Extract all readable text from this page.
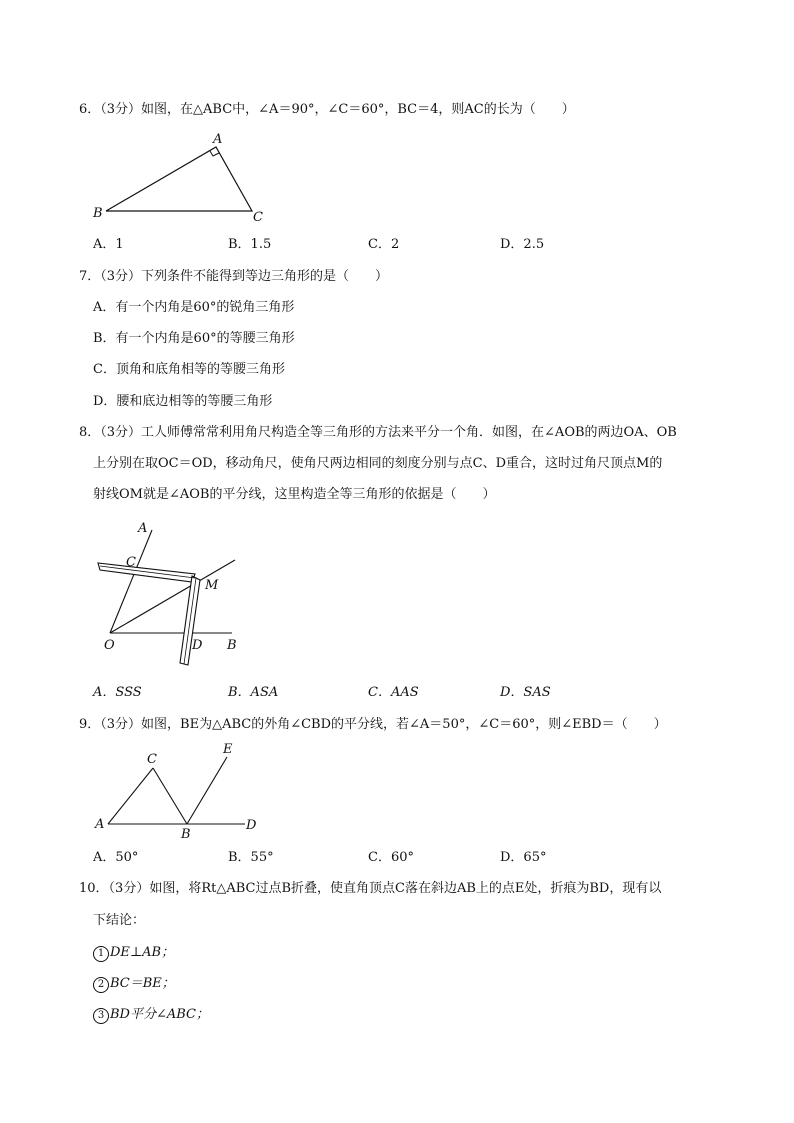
6．（3分）如图，在△ABC中，∠A＝90°，∠C＝60°，BC＝4，则AC的长为（　　）
A
B	C
A．1	B．1.5	C．2	D．2.5
7．（3分）下列条件不能得到等边三角形的是（　　）
A．有一个内角是60°的锐角三角形
B．有一个内角是60°的等腰三角形
C．顶角和底角相等的等腰三角形
D．腰和底边相等的等腰三角形
8．（3分）工人师傅常常利用角尺构造全等三角形的方法来平分一个角．如图，在∠AOB的两边OA、OB
上分别在取OC＝OD，移动角尺，使角尺两边相同的刻度分别与点C、D重合，这时过角尺顶点M的
射线OM就是∠AOB的平分线，这里构造全等三角形的依据是（　　）
A
C
M
O	D B
A．SSS	B．ASA	C．AAS	D．SAS
9．（3分）如图，BE为△ABC的外角∠CBD的平分线，若∠A＝50°，∠C＝60°，则∠EBD＝（　　）
A
C
B
D
E
A．50°	B．55°	C．60°	D．65°
10．（3分）如图，将Rt△ABC过点B折叠，使直角顶点C落在斜边AB上的点E处，折痕为BD，现有以
下结论：
1 DE⊥AB；
2 BC＝BE；
3 BD平分∠ABC；
